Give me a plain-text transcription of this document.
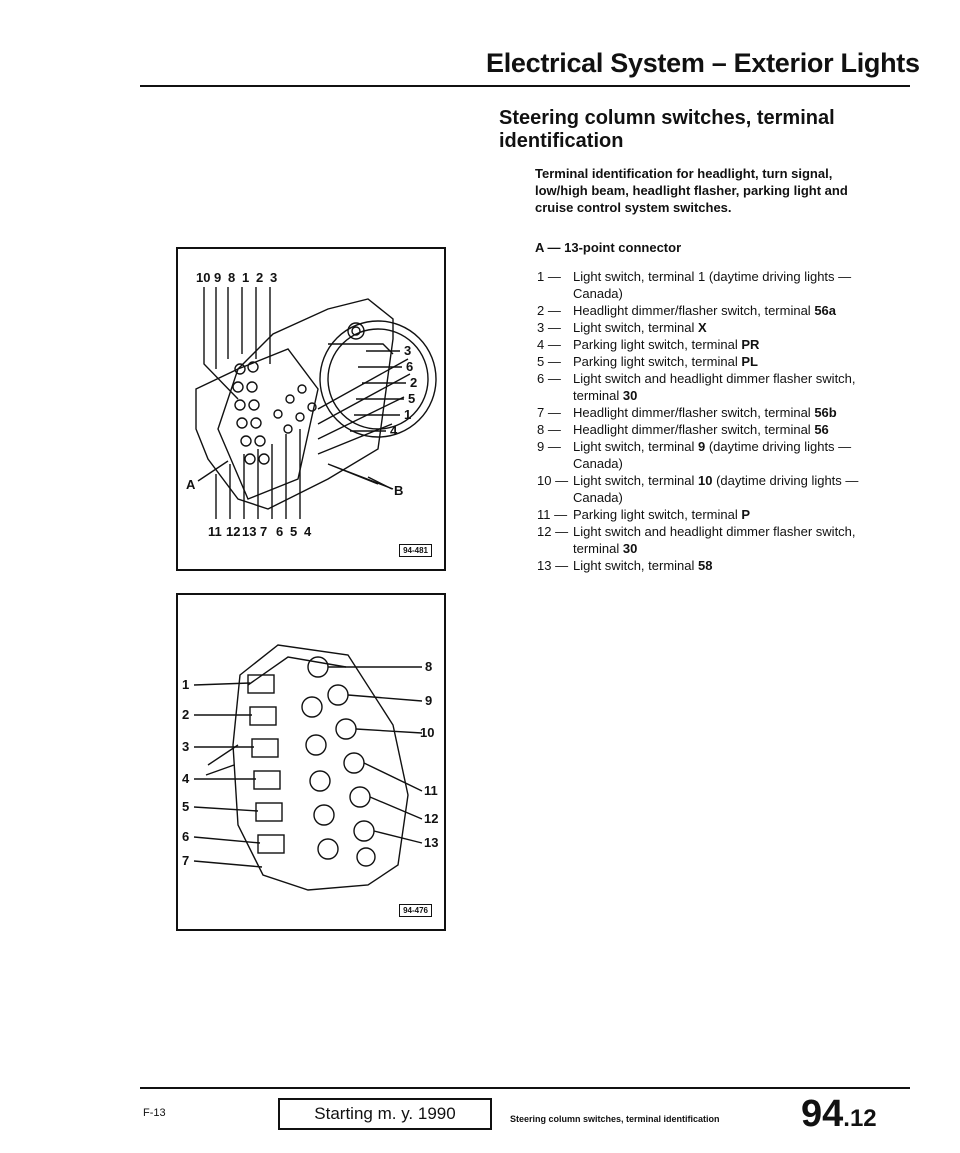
Electrical System – Exterior Lights
Steering column switches, terminal identification
Terminal identification for headlight, turn signal, low/high beam, headlight flasher, parking light and cruise control system switches.
A — 13-point connector
1 — Light switch, terminal 1 (daytime driving lights — Canada)
2 — Headlight dimmer/flasher switch, terminal 56a
3 — Light switch, terminal X
4 — Parking light switch, terminal PR
5 — Parking light switch, terminal PL
6 — Light switch and headlight dimmer flasher switch, terminal 30
7 — Headlight dimmer/flasher switch, terminal 56b
8 — Headlight dimmer/flasher switch, terminal 56
9 — Light switch, terminal 9 (daytime driving lights — Canada)
10 — Light switch, terminal 10 (daytime driving lights — Canada)
11 — Parking light switch, terminal P
12 — Light switch and headlight dimmer flasher switch, terminal 30
13 — Light switch, terminal 58
10 9 8 1 2 3
11 12 13 7 6 5 4
3
6
2
5
1
4
A	B
94-481
1
2
3
4
5
6
7
8
9
10
11
12
13
94-476
F-13	Starting m. y. 1990	Steering column switches, terminal identification 94.12
